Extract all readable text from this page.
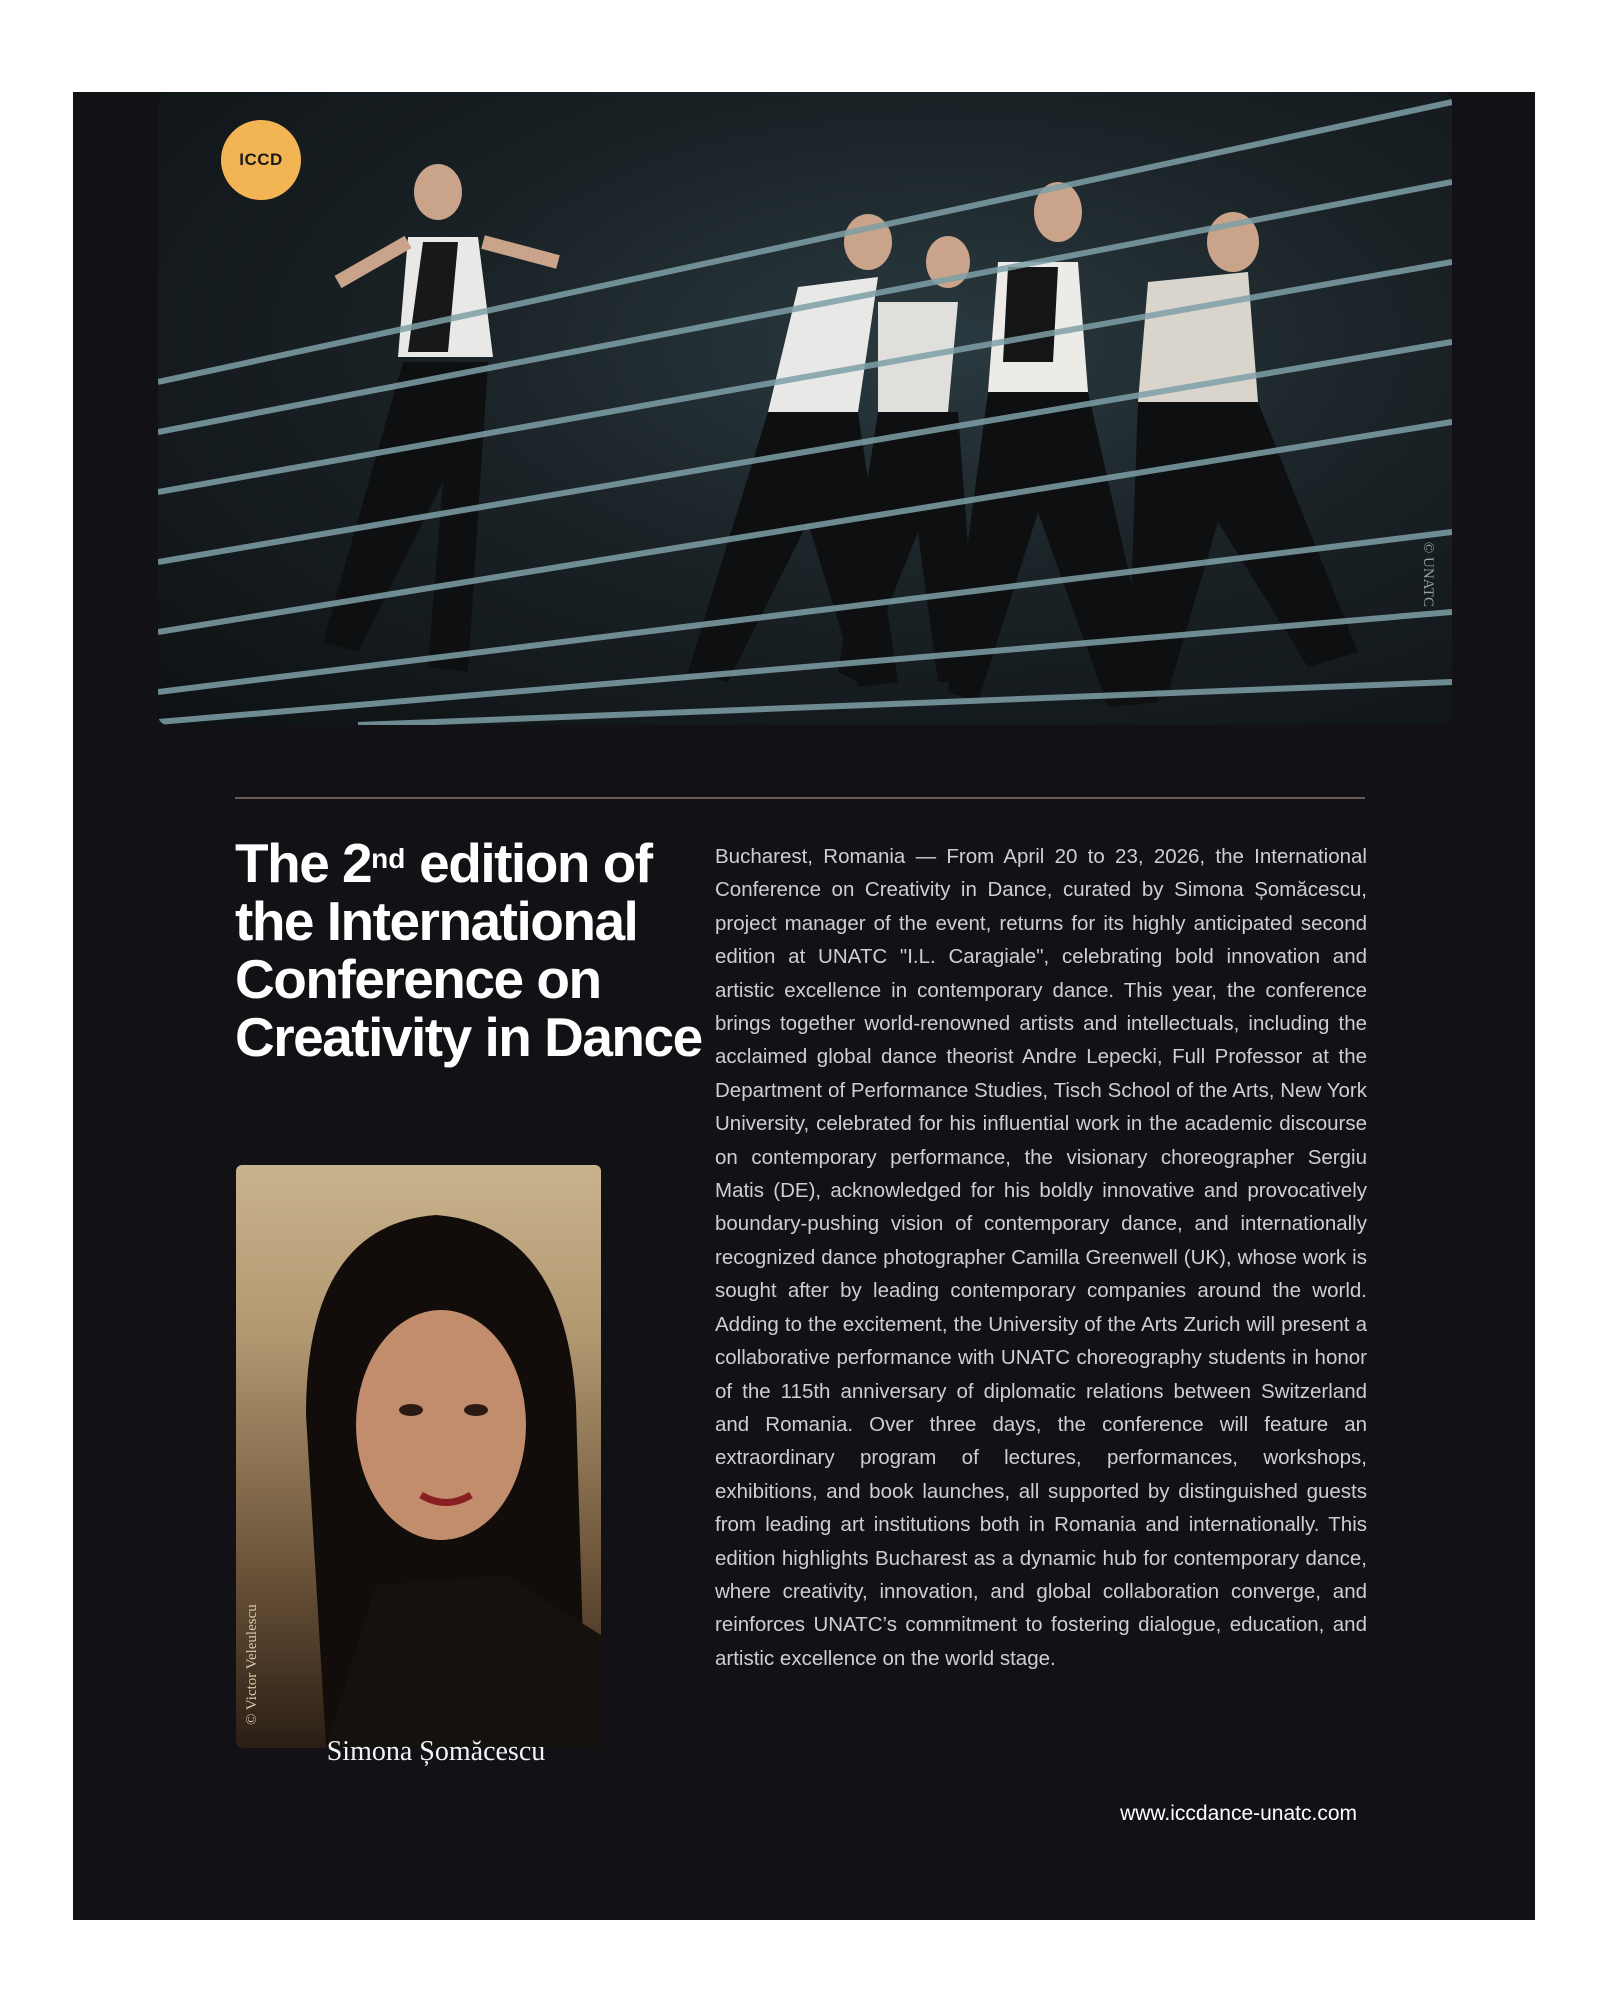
ICCD
© UNATC
The 2nd edition of the International Conference on Creativity in Dance

Bucharest, Romania — From April 20 to 23, 2026, the International Conference on Creativity in Dance, curated by Simona Șomăcescu, project manager of the event, returns for its highly anticipated second edition at UNATC "I.L. Caragiale", celebrating bold innovation and artistic excellence in contemporary dance. This year, the conference brings together world-renowned artists and intellectuals, including the acclaimed global dance theorist Andre Lepecki, Full Professor at the Department of Performance Studies, Tisch School of the Arts, New York University, celebrated for his influential work in the academic discourse on contemporary performance, the visionary choreographer Sergiu Matis (DE), acknowledged for his boldly innovative and provocatively boundary-pushing vision of contemporary dance, and internationally recognized dance photographer Camilla Greenwell (UK), whose work is sought after by leading contemporary companies around the world. Adding to the excitement, the University of the Arts Zurich will present a collaborative performance with UNATC choreography students in honor of the 115th anniversary of diplomatic relations between Switzerland and Romania. Over three days, the conference will feature an extraordinary program of lectures, performances, workshops, exhibitions, and book launches, all supported by distinguished guests from leading art institutions both in Romania and internationally. This edition highlights Bucharest as a dynamic hub for contemporary dance, where creativity, innovation, and global collaboration converge, and reinforces UNATC’s commitment to fostering dialogue, education, and artistic excellence on the world stage.

© Victor Veleulescu
Simona Șomăcescu
www.iccdance-unatc.com
